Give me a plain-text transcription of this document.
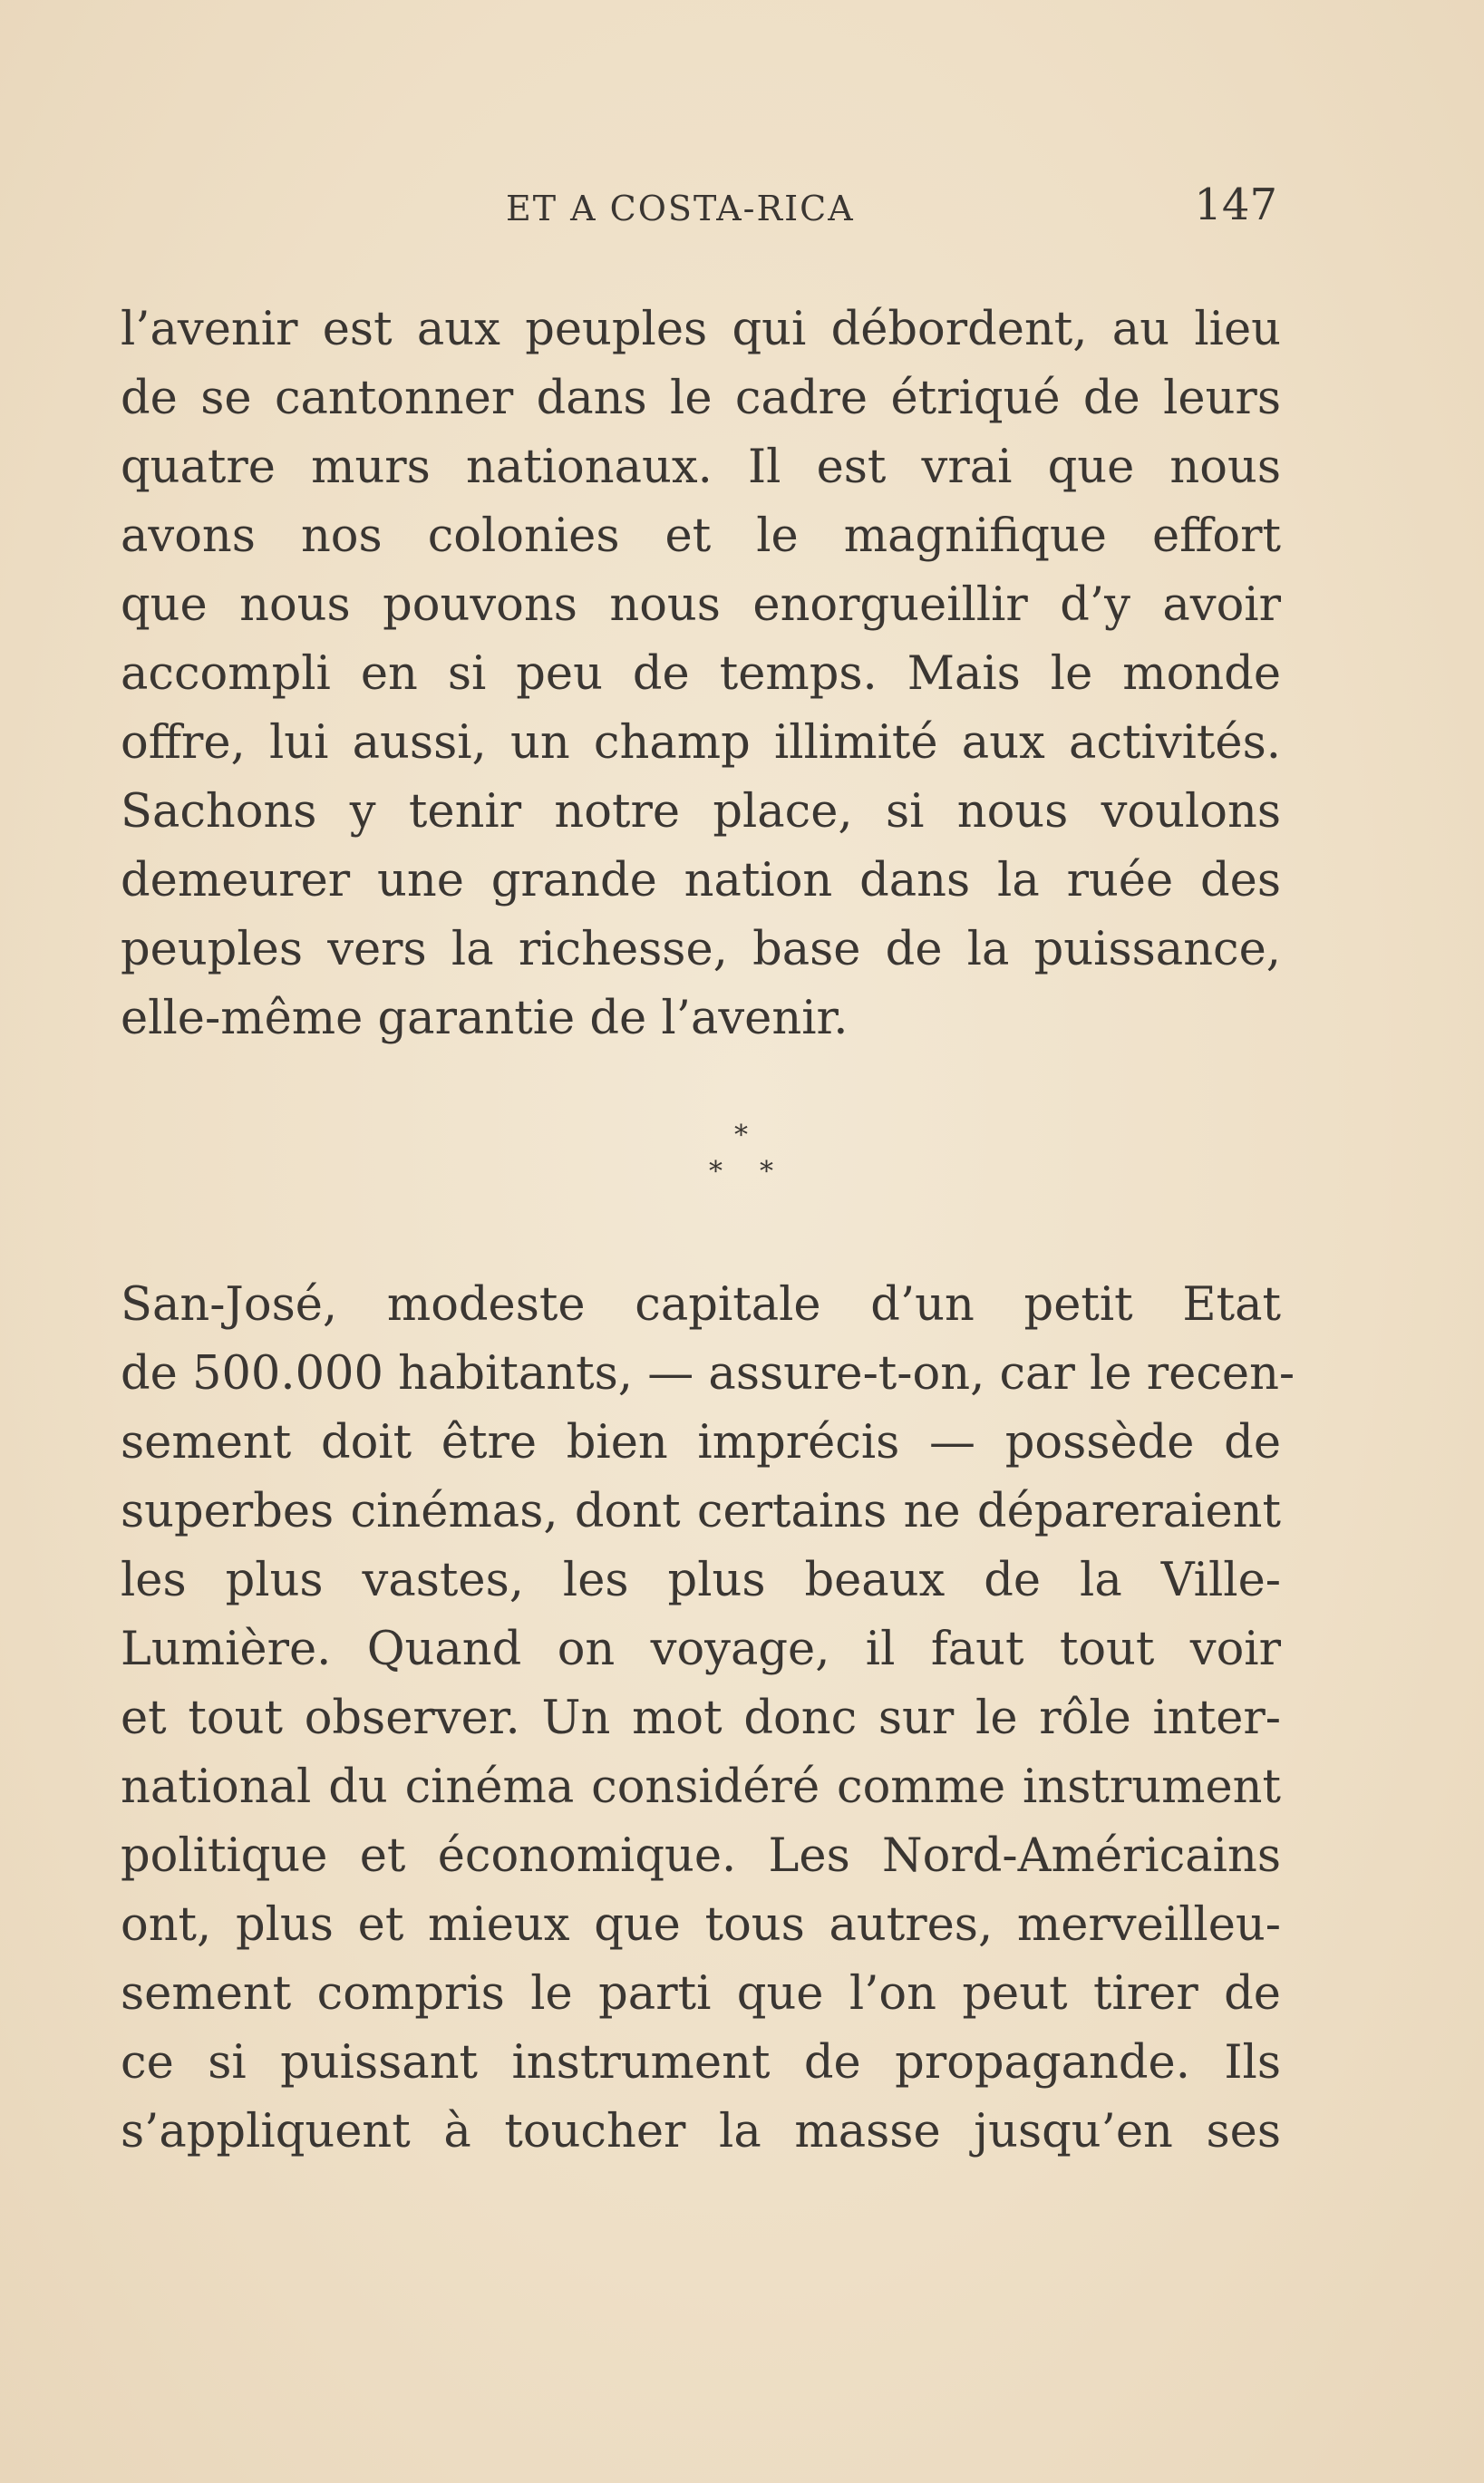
ET A COSTA-RICA	147
l’avenir est aux peuples qui débordent, au lieu
de se cantonner dans le cadre étriqué de leurs
quatre murs nationaux. Il est vrai que nous
avons nos colonies et le magnifique effort
que nous pouvons nous enorgueillir d’y avoir
accompli en si peu de temps. Mais le monde
offre, lui aussi, un champ illimité aux activités.
Sachons y tenir notre place, si nous voulons
demeurer une grande nation dans la ruée des
peuples vers la richesse, base de la puissance,
elle-même garantie de l’avenir.
*
* *
San-José, modeste capitale d’un petit Etat
de 500.000 habitants, — assure-t-on, car le recen-
sement doit être bien imprécis — possède de
superbes cinémas, dont certains ne dépareraient
les plus vastes, les plus beaux de la Ville-
Lumière. Quand on voyage, il faut tout voir
et tout observer. Un mot donc sur le rôle inter-
national du cinéma considéré comme instrument
politique et économique. Les Nord-Américains
ont, plus et mieux que tous autres, merveilleu-
sement compris le parti que l’on peut tirer de
ce si puissant instrument de propagande. Ils
s’appliquent à toucher la masse jusqu’en ses
